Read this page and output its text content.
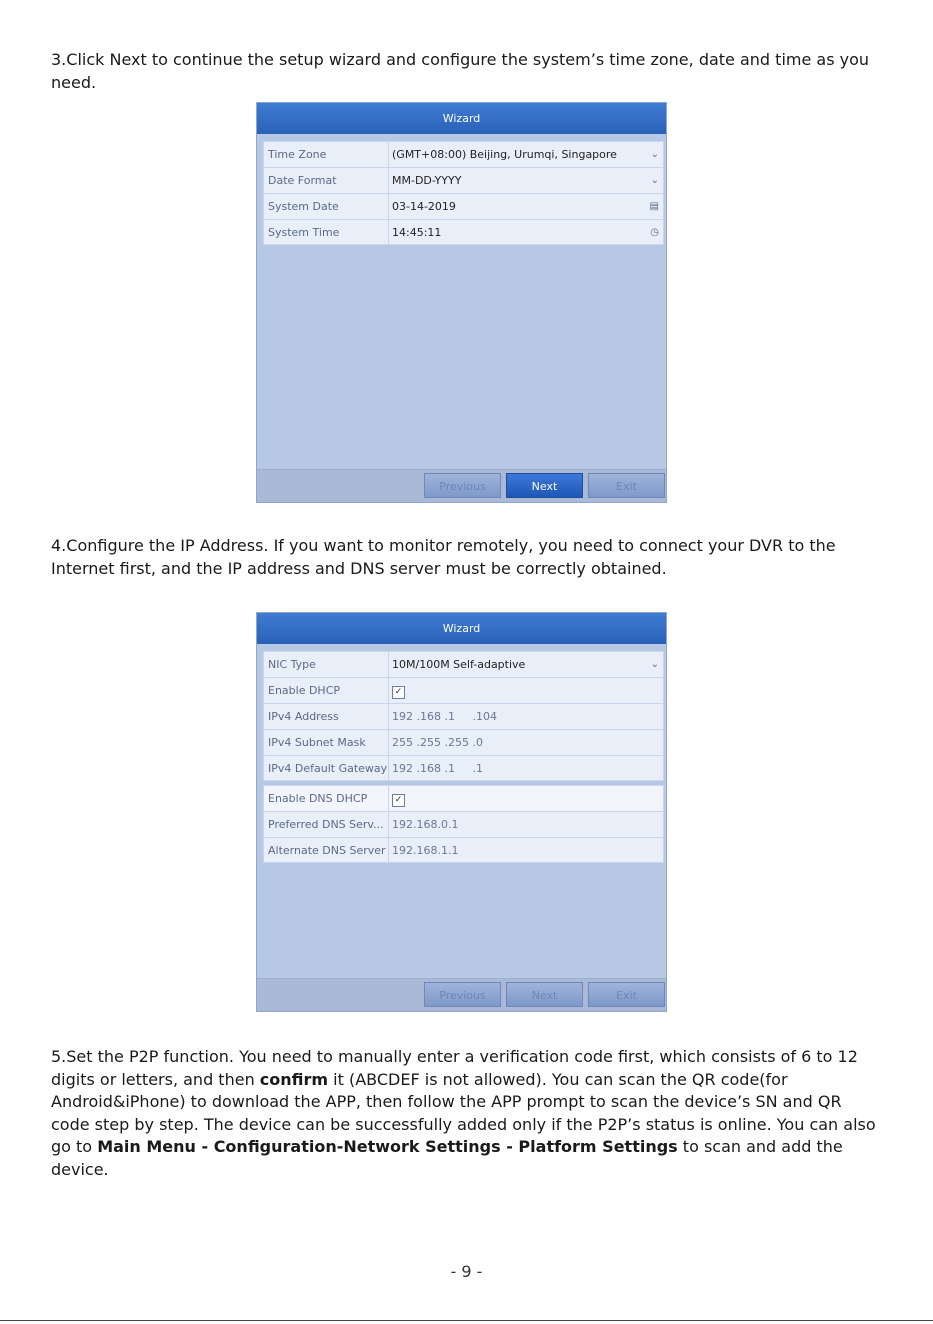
3.Click Next to continue the setup wizard and configure the system’s time zone, date and time as you need.
Wizard
Time Zone	(GMT+08:00) Beijing, Urumqi, Singapore	⌄
Date Format	MM-DD-YYYY	⌄
System Date	03-14-2019	▤
System Time	14:45:11	◷
Previous	Next	Exit
4.Configure the IP Address. If you want to monitor remotely, you need to connect your DVR to the Internet first, and the IP address and DNS server must be correctly obtained.
Wizard
NIC Type	10M/100M Self-adaptive	⌄
Enable DHCP	✓
IPv4 Address	192 .168 .1     .104
IPv4 Subnet Mask	255 .255 .255 .0
IPv4 Default Gateway 192 .168 .1     .1
Enable DNS DHCP	✓
Preferred DNS Serv... 192.168.0.1
Alternate DNS Server 192.168.1.1
Previous	Next	Exit
5.Set the P2P function. You need to manually enter a verification code first, which consists of 6 to 12 digits or letters, and then confirm it (ABCDEF is not allowed). You can scan the QR code(for Android&iPhone) to download the APP, then follow the APP prompt to scan the device’s SN and QR code step by step. The device can be successfully added only if the P2P’s status is online. You can also go to Main Menu - Configuration-Network Settings - Platform Settings to scan and add the device.
- 9 -
